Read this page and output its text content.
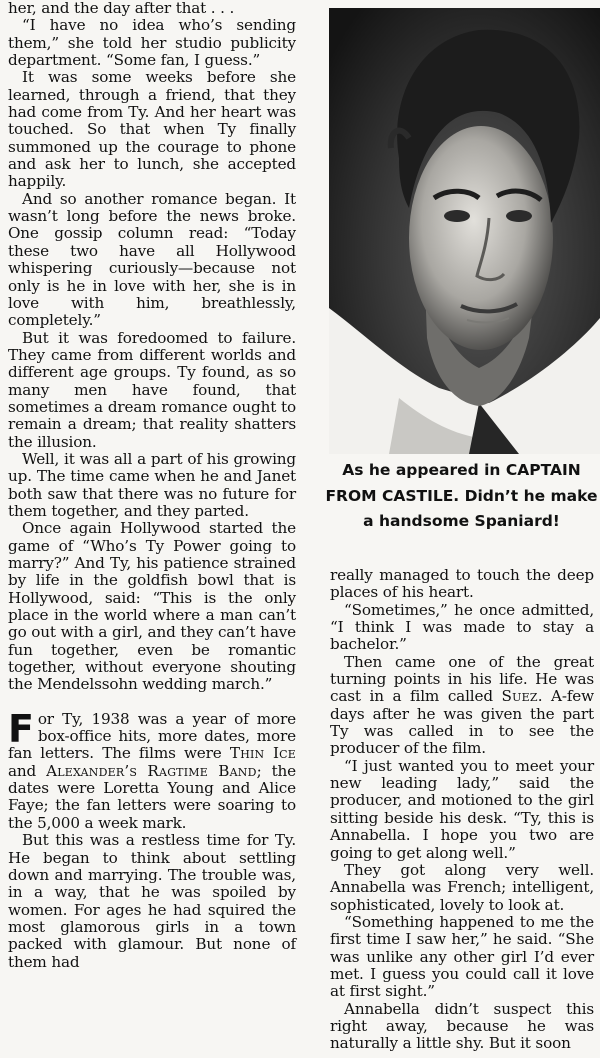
her, and the day after that . . .

“I have no idea who’s sending them,” she told her studio publicity department. “Some fan, I guess.”

It was some weeks before she learned, through a friend, that they had come from Ty. And her heart was touched. So that when Ty finally summoned up the courage to phone and ask her to lunch, she accepted happily.

And so another romance began. It wasn’t long before the news broke. One gossip column read: “Today these two have all Hollywood whispering curiously—because not only is he in love with her, she is in love with him, breathlessly, completely.”

But it was foredoomed to failure. They came from different worlds and different age groups. Ty found, as so many men have found, that sometimes a dream romance ought to remain a dream; that reality shatters the illusion.

Well, it was all a part of his growing up. The time came when he and Janet both saw that there was no future for them together, and they parted.

Once again Hollywood started the game of “Who’s Ty Power going to marry?” And Ty, his patience strained by life in the goldfish bowl that is Hollywood, said: “This is the only place in the world where a man can’t go out with a girl, and they can’t have fun together, even be romantic together, without everyone shouting the Mendelssohn wedding march.”

For Ty, 1938 was a year of more box-office hits, more dates, more fan letters. The films were Thin Ice and Alexander’s Ragtime Band; the dates were Loretta Young and Alice Faye; the fan letters were soaring to the 5,000 a week mark.

But this was a restless time for Ty. He began to think about settling down and marrying. The trouble was, in a way, that he was spoiled by women. For ages he had squired the most glamorous girls in a town packed with glamour. But none of them had

As he appeared in CAPTAIN FROM CASTILE. Didn’t he make a handsome Spaniard!

really managed to touch the deep places of his heart.

“Sometimes,” he once admitted, “I think I was made to stay a bachelor.”

Then came one of the great turning points in his life. He was cast in a film called Suez. A-few days after he was given the part Ty was called in to see the producer of the film.

“I just wanted you to meet your new leading lady,” said the producer, and motioned to the girl sitting beside his desk. “Ty, this is Annabella. I hope you two are going to get along well.”

They got along very well. Annabella was French; intelligent, sophisticated, lovely to look at.

“Something happened to me the first time I saw her,” he said. “She was unlike any other girl I’d ever met. I guess you could call it love at first sight.”

Annabella didn’t suspect this right away, because he was naturally a little shy. But it soon
